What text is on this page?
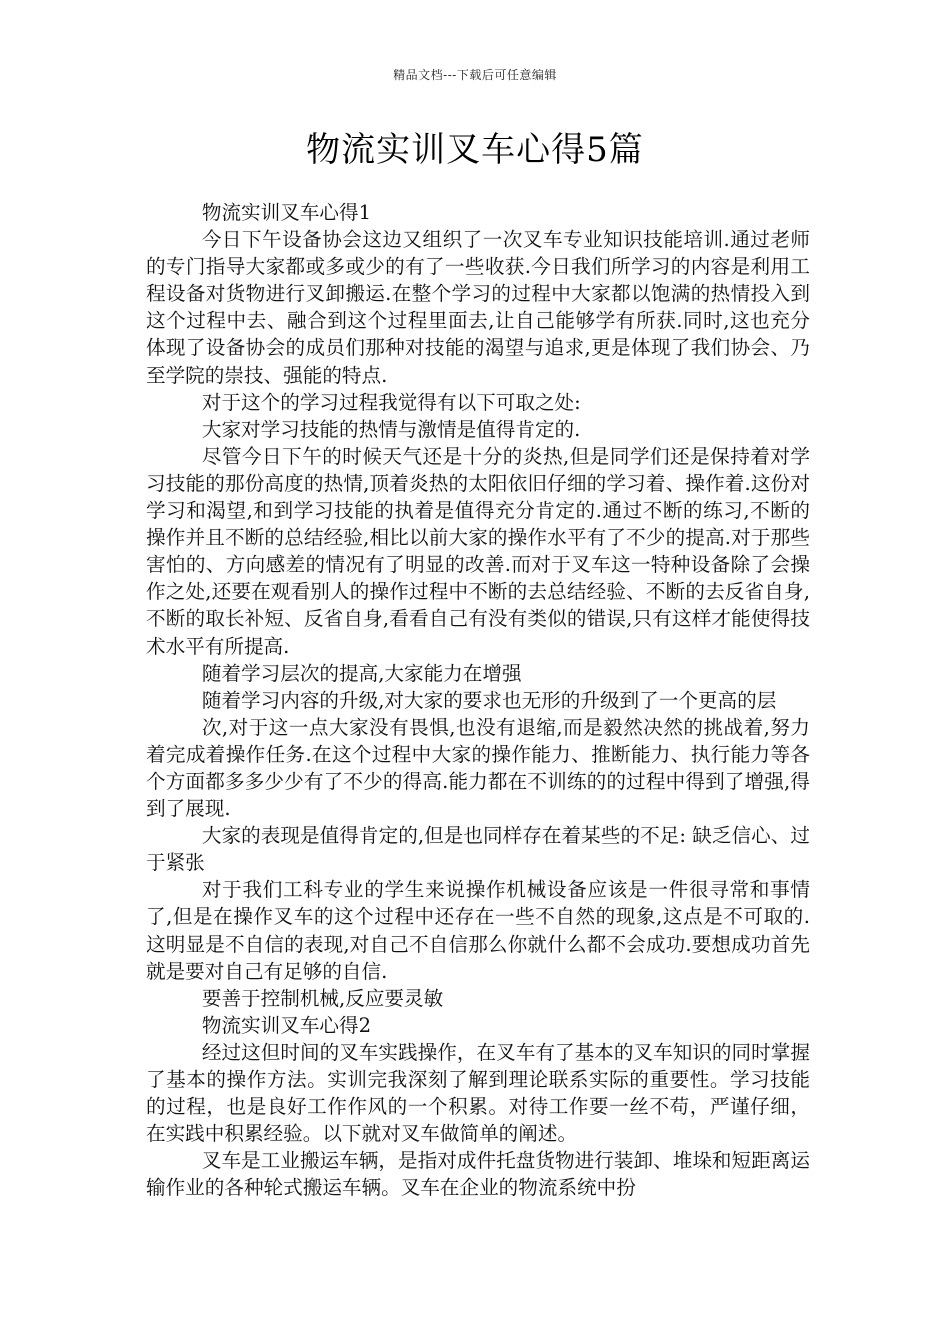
精品文档---下载后可任意编辑
物流实训叉车心得5篇

物流实训叉车心得1

今日下午设备协会这边又组织了一次叉车专业知识技能培训.通过老师的专门指导大家都或多或少的有了一些收获.今日我们所学习的内容是利用工程设备对货物进行叉卸搬运.在整个学习的过程中大家都以饱满的热情投入到这个过程中去、融合到这个过程里面去,让自己能够学有所获.同时,这也充分体现了设备协会的成员们那种对技能的渴望与追求,更是体现了我们协会、乃至学院的崇技、强能的特点.

对于这个的学习过程我觉得有以下可取之处:

大家对学习技能的热情与激情是值得肯定的.

尽管今日下午的时候天气还是十分的炎热,但是同学们还是保持着对学习技能的那份高度的热情,顶着炎热的太阳依旧仔细的学习着、操作着.这份对学习和渴望,和到学习技能的执着是值得充分肯定的.通过不断的练习,不断的操作并且不断的总结经验,相比以前大家的操作水平有了不少的提高.对于那些害怕的、方向感差的情况有了明显的改善.而对于叉车这一特种设备除了会操作之处,还要在观看别人的操作过程中不断的去总结经验、不断的去反省自身,不断的取长补短、反省自身,看看自己有没有类似的错误,只有这样才能使得技术水平有所提高.

随着学习层次的提高,大家能力在增强

随着学习内容的升级,对大家的要求也无形的升级到了一个更高的层

次,对于这一点大家没有畏惧,也没有退缩,而是毅然决然的挑战着,努力着完成着操作任务.在这个过程中大家的操作能力、推断能力、执行能力等各个方面都多多少少有了不少的得高.能力都在不训练的的过程中得到了增强,得到了展现.

大家的表现是值得肯定的,但是也同样存在着某些的不足: 缺乏信心、过于紧张

对于我们工科专业的学生来说操作机械设备应该是一件很寻常和事情了,但是在操作叉车的这个过程中还存在一些不自然的现象,这点是不可取的.这明显是不自信的表现,对自己不自信那么你就什么都不会成功.要想成功首先就是要对自己有足够的自信.

要善于控制机械,反应要灵敏

物流实训叉车心得2

经过这但时间的叉车实践操作，在叉车有了基本的叉车知识的同时掌握了基本的操作方法。实训完我深刻了解到理论联系实际的重要性。学习技能的过程，也是良好工作作风的一个积累。对待工作要一丝不苟，严谨仔细，在实践中积累经验。以下就对叉车做简单的阐述。

叉车是工业搬运车辆，是指对成件托盘货物进行装卸、堆垛和短距离运输作业的各种轮式搬运车辆。叉车在企业的物流系统中扮
